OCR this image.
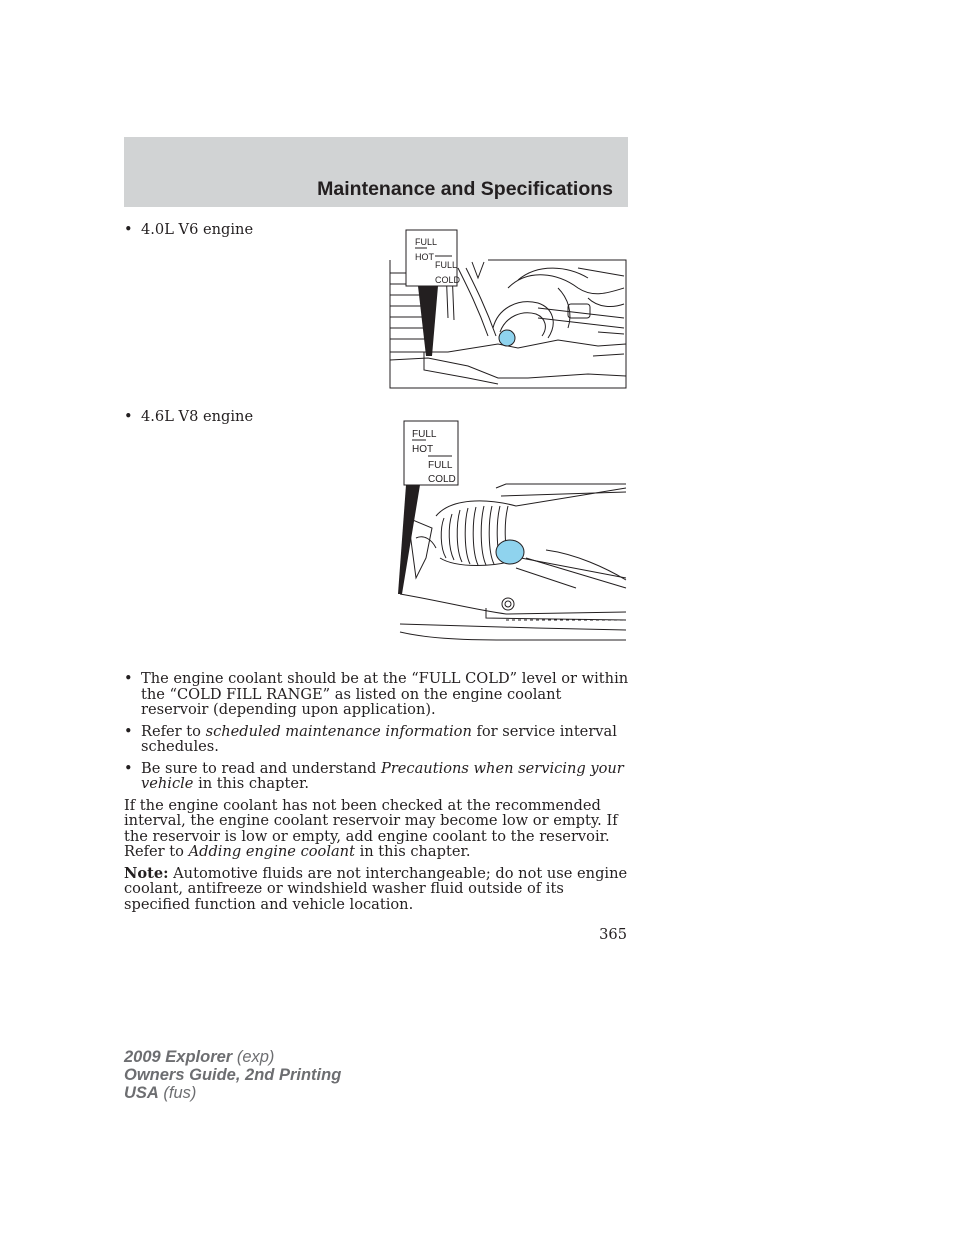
Maintenance and Specifications
• 4.0L V6 engine
FULL
HOT
FULL
COLD
• 4.6L V8 engine
FULL
HOT
FULL
COLD
• The engine coolant should be at the “FULL COLD” level or within the “COLD FILL RANGE” as listed on the engine coolant reservoir (depending upon application).
• Refer to scheduled maintenance information for service interval schedules.
• Be sure to read and understand Precautions when servicing your vehicle in this chapter.

If the engine coolant has not been checked at the recommended interval, the engine coolant reservoir may become low or empty. If the reservoir is low or empty, add engine coolant to the reservoir. Refer to Adding engine coolant in this chapter.

Note: Automotive fluids are not interchangeable; do not use engine coolant, antifreeze or windshield washer fluid outside of its specified function and vehicle location.

365
2009 Explorer (exp)
Owners Guide, 2nd Printing
USA (fus)
